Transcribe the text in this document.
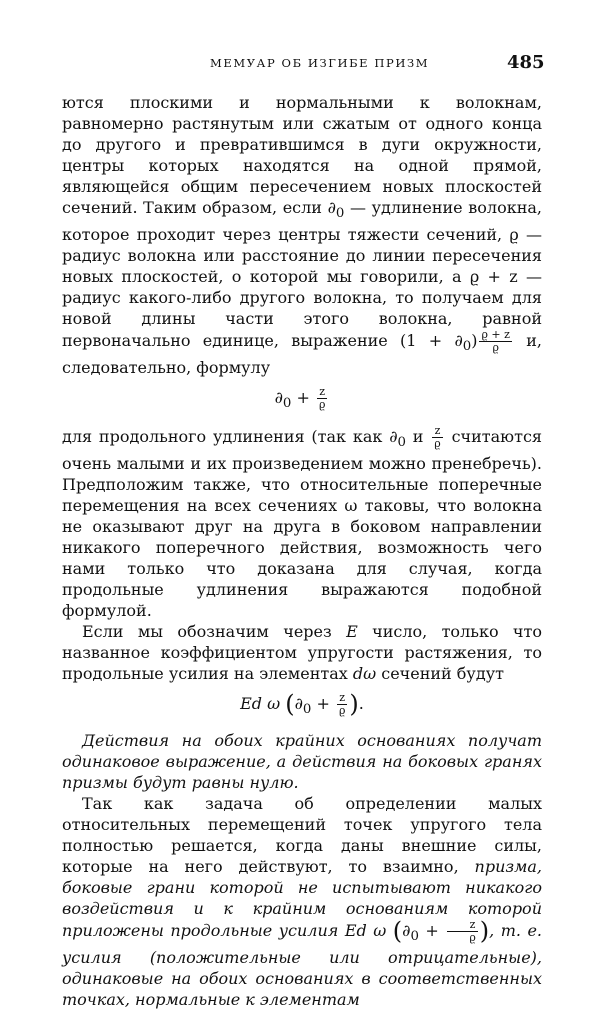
МЕМУАР ОБ ИЗГИБЕ ПРИЗМ	485

ются плоскими и нормальными к волокнам, равномерно растянутым или сжатым от одного конца до другого и превратившимся в дуги окружности, центры которых находятся на одной прямой, являющейся общим пересечением новых плоскостей сечений. Таким образом, если $\partial_0$ — удлинение волокна, которое проходит через центры тяжести сечений, ϱ — радиус волокна или расстояние до линии пересечения новых плоскостей, о которой мы говорили, а ϱ + z — радиус какого-либо другого волокна, то получаем для новой длины части этого волокна, равной первоначально единице, выражение $(1 + \partial_0) \frac{ϱ + z}{ϱ} и$, следовательно, формулу

$\partial_0 + \frac{z}{ϱ}$

для продольного удлинения (так как $\partial_0$ и $\frac{z}{ϱ}$ считаются очень малыми и их произведением можно пренебречь). Предположим также, что относительные поперечные перемещения на всех сечениях ω таковы, что волокна не оказывают друг на друга в боковом направлении никакого поперечного действия, возможность чего нами только что доказана для случая, когда продольные удлинения выражаются подобной формулой.

Если мы обозначим через E число, только что названное коэффициентом упругости растяжения, то продольные усилия на элементах dω сечений будут

Ed ω ($\partial_0 + \frac{z}{ϱ}$ ).

Действия на обоих крайних основаниях получат одинаковое выражение, а действия на боковых гранях призмы будут равны нулю.

Так как задача об определении малых относительных перемещений точек упругого тела полностью решается, когда даны внешние силы, которые на него действуют, то взаимно, призма, боковые грани которой не испытывают никакого воздействия и к крайним основаниям которой приложены продольные усилия Ed ω ($\partial_0 + \frac{z}{ϱ}$ ), т. е. усилия (положительные или отрицательные), одинаковые на обоих основаниях в соответственных точках, нормальные к элементам
